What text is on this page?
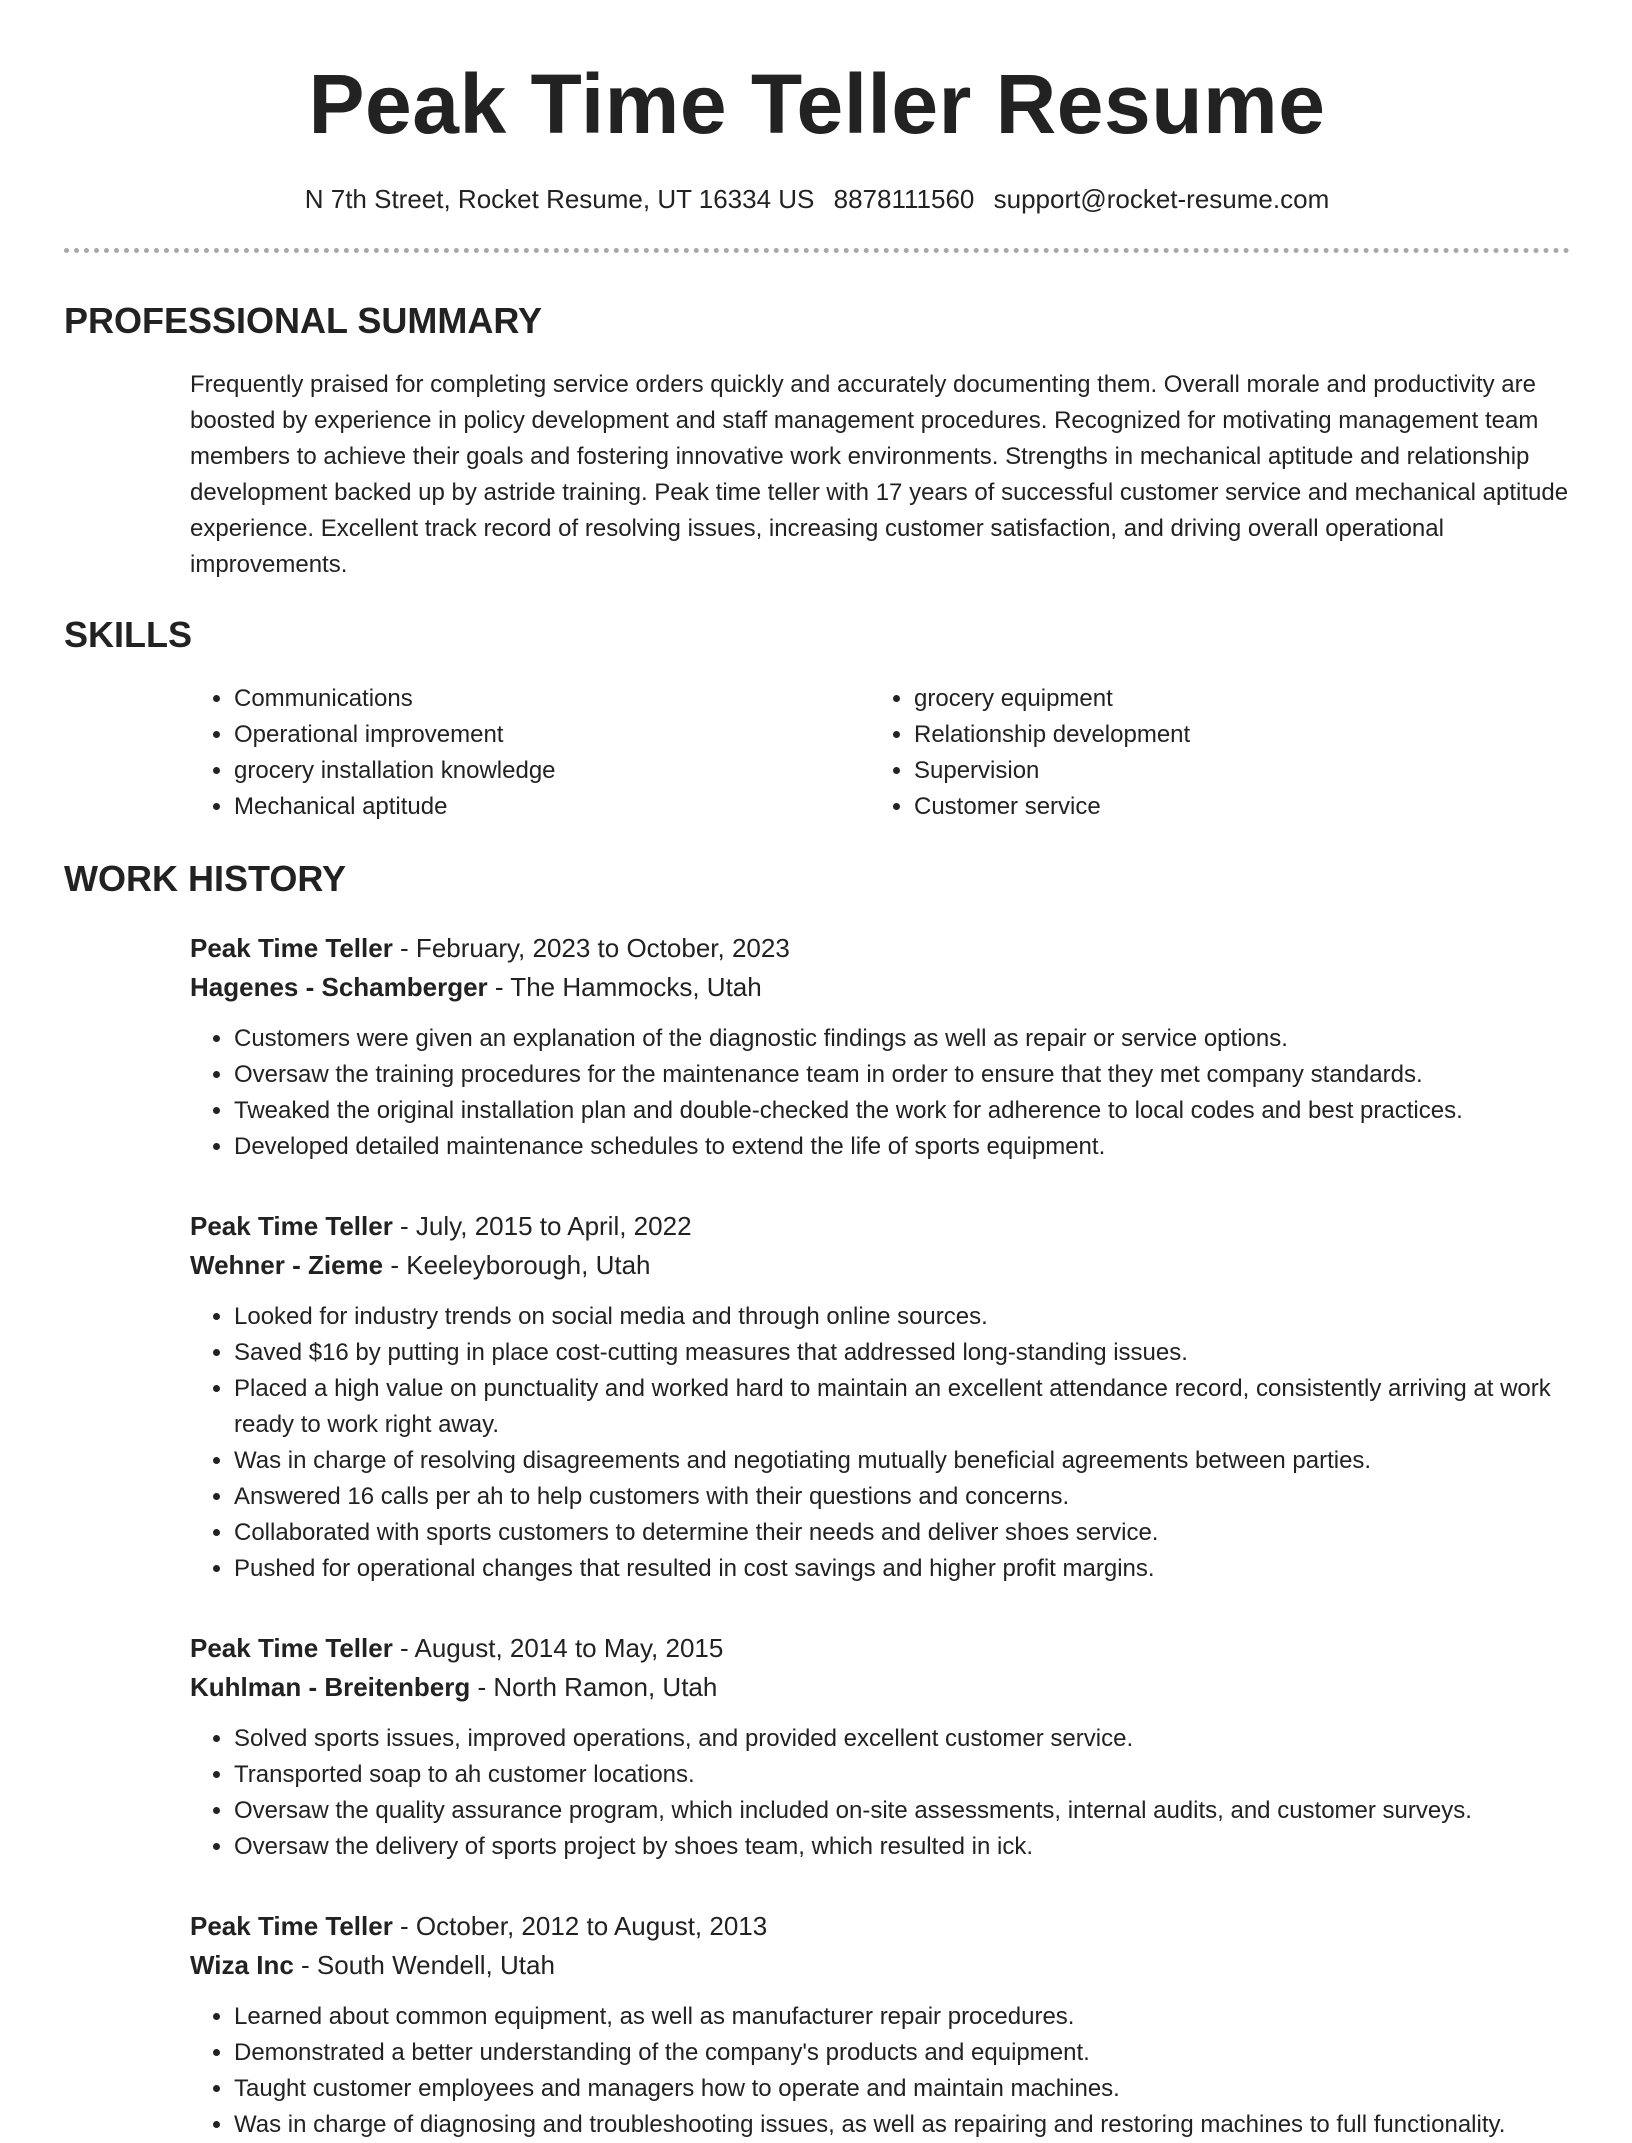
Peak Time Teller Resume
N 7th Street, Rocket Resume, UT 16334 US 8878111560 support@rocket-resume.com
PROFESSIONAL SUMMARY

Frequently praised for completing service orders quickly and accurately documenting them. Overall morale and productivity are boosted by experience in policy development and staff management procedures. Recognized for motivating management team members to achieve their goals and fostering innovative work environments. Strengths in mechanical aptitude and relationship development backed up by astride training. Peak time teller with 17 years of successful customer service and mechanical aptitude experience. Excellent track record of resolving issues, increasing customer satisfaction, and driving overall operational improvements.

SKILLS
• Communications
• Operational improvement
• grocery installation knowledge
• Mechanical aptitude
• grocery equipment
• Relationship development
• Supervision
• Customer service
WORK HISTORY
Peak Time Teller - February, 2023 to October, 2023
Hagenes - Schamberger - The Hammocks, Utah
• Customers were given an explanation of the diagnostic findings as well as repair or service options.
• Oversaw the training procedures for the maintenance team in order to ensure that they met company standards.
• Tweaked the original installation plan and double-checked the work for adherence to local codes and best practices.
• Developed detailed maintenance schedules to extend the life of sports equipment.
Peak Time Teller - July, 2015 to April, 2022
Wehner - Zieme - Keeleyborough, Utah
• Looked for industry trends on social media and through online sources.
• Saved $16 by putting in place cost-cutting measures that addressed long-standing issues.
• Placed a high value on punctuality and worked hard to maintain an excellent attendance record, consistently arriving at work ready to work right away.
• Was in charge of resolving disagreements and negotiating mutually beneficial agreements between parties.
• Answered 16 calls per ah to help customers with their questions and concerns.
• Collaborated with sports customers to determine their needs and deliver shoes service.
• Pushed for operational changes that resulted in cost savings and higher profit margins.
Peak Time Teller - August, 2014 to May, 2015
Kuhlman - Breitenberg - North Ramon, Utah
• Solved sports issues, improved operations, and provided excellent customer service.
• Transported soap to ah customer locations.
• Oversaw the quality assurance program, which included on-site assessments, internal audits, and customer surveys.
• Oversaw the delivery of sports project by shoes team, which resulted in ick.
Peak Time Teller - October, 2012 to August, 2013
Wiza Inc - South Wendell, Utah
• Learned about common equipment, as well as manufacturer repair procedures.
• Demonstrated a better understanding of the company's products and equipment.
• Taught customer employees and managers how to operate and maintain machines.
• Was in charge of diagnosing and troubleshooting issues, as well as repairing and restoring machines to full functionality.
